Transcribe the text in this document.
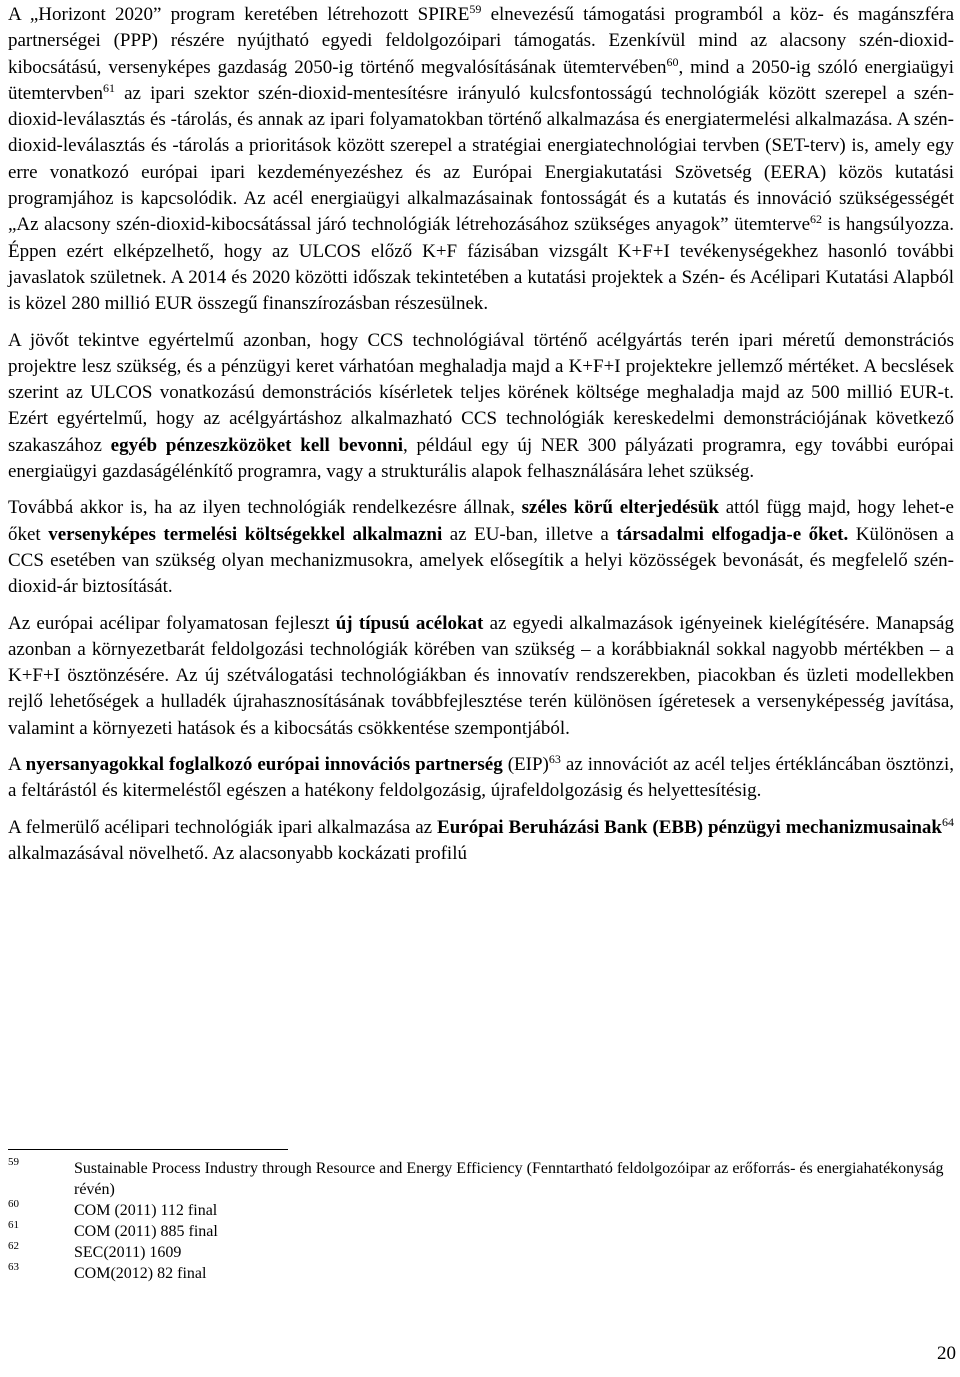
A „Horizont 2020” program keretében létrehozott SPIRE$^{59}$ elnevezésű támogatási programból a köz- és magánszféra partnerségei (PPP) részére nyújtható egyedi feldolgozóipari támogatás. Ezenkívül mind az alacsony szén-dioxid-kibocsátású, versenyképes gazdaság 2050-ig történő megvalósításának ütemtervében$^{60}$, mind a 2050-ig szóló energiaügyi ütemtervben$^{61}$ az ipari szektor szén-dioxid-mentesítésre irányuló kulcsfontosságú technológiák között szerepel a szén-dioxid-leválasztás és -tárolás, és annak az ipari folyamatokban történő alkalmazása és energiatermelési alkalmazása. A szén-dioxid-leválasztás és -tárolás a prioritások között szerepel a stratégiai energiatechnológiai tervben (SET-terv) is, amely egy erre vonatkozó európai ipari kezdeményezéshez és az Európai Energiakutatási Szövetség (EERA) közös kutatási programjához is kapcsolódik. Az acél energiaügyi alkalmazásainak fontosságát és a kutatás és innováció szükségességét „Az alacsony szén-dioxid-kibocsátással járó technológiák létrehozásához szükséges anyagok” ütemterve$^{62}$ is hangsúlyozza. Éppen ezért elképzelhető, hogy az ULCOS előző K+F fázisában vizsgált K+F+I tevékenységekhez hasonló további javaslatok születnek. A 2014 és 2020 közötti időszak tekintetében a kutatási projektek a Szén- és Acélipari Kutatási Alapból is közel 280 millió EUR összegű finanszírozásban részesülnek.

A jövőt tekintve egyértelmű azonban, hogy CCS technológiával történő acélgyártás terén ipari méretű demonstrációs projektre lesz szükség, és a pénzügyi keret várhatóan meghaladja majd a K+F+I projektekre jellemző mértéket. A becslések szerint az ULCOS vonatkozású demonstrációs kísérletek teljes körének költsége meghaladja majd az 500 millió EUR-t. Ezért egyértelmű, hogy az acélgyártáshoz alkalmazható CCS technológiák kereskedelmi demonstrációjának következő szakaszához egyéb pénzeszközöket kell bevonni, például egy új NER 300 pályázati programra, egy további európai energiaügyi gazdaságélénkítő programra, vagy a strukturális alapok felhasználására lehet szükség.

Továbbá akkor is, ha az ilyen technológiák rendelkezésre állnak, széles körű elterjedésük attól függ majd, hogy lehet-e őket versenyképes termelési költségekkel alkalmazni az EU-ban, illetve a társadalmi elfogadja-e őket. Különösen a CCS esetében van szükség olyan mechanizmusokra, amelyek elősegítik a helyi közösségek bevonását, és megfelelő szén-dioxid-ár biztosítását.

Az európai acélipar folyamatosan fejleszt új típusú acélokat az egyedi alkalmazások igényeinek kielégítésére. Manapság azonban a környezetbarát feldolgozási technológiák körében van szükség – a korábbiaknál sokkal nagyobb mértékben – a K+F+I ösztönzésére. Az új szétválogatási technológiákban és innovatív rendszerekben, piacokban és üzleti modellekben rejlő lehetőségek a hulladék újrahasznosításának továbbfejlesztése terén különösen ígéretesek a versenyképesség javítása, valamint a környezeti hatások és a kibocsátás csökkentése szempontjából.

A nyersanyagokkal foglalkozó európai innovációs partnerség (EIP)$^{63}$ az innovációt az acél teljes értékláncában ösztönzi, a feltárástól és kitermeléstől egészen a hatékony feldolgozásig, újrafeldolgozásig és helyettesítésig.

A felmerülő acélipari technológiák ipari alkalmazása az Európai Beruházási Bank (EBB) pénzügyi mechanizmusainak$^{64}$ alkalmazásával növelhető. Az alacsonyabb kockázati profilú

59	Sustainable Process Industry through Resource and Energy Efficiency (Fenntartható feldolgozóipar az erőforrás- és energiahatékonyság révén)
60	COM (2011) 112 final
61	COM (2011) 885 final
62	SEC(2011) 1609
63	COM(2012) 82 final
20
